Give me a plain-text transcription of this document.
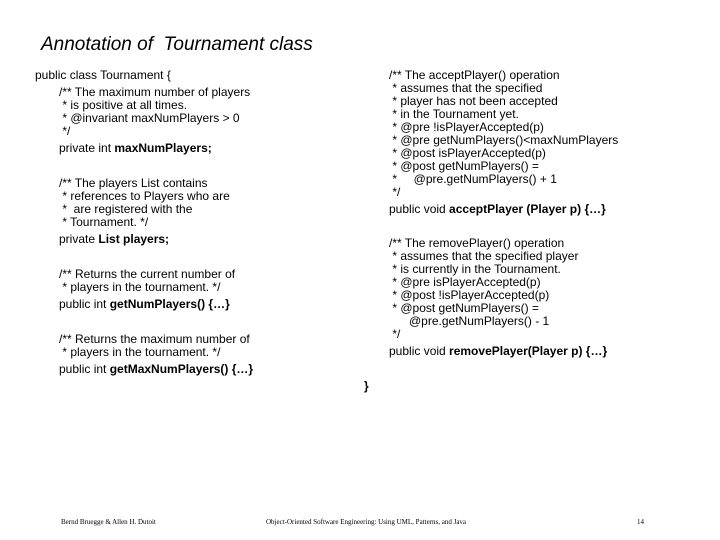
Annotation of  Tournament class
public class Tournament {
/** The maximum number of players
* is positive at all times.
* @invariant maxNumPlayers > 0
*/
private int maxNumPlayers;
/** The players List contains
* references to Players who are
*  are registered with the
* Tournament. */
private List players;
/** Returns the current number of
* players in the tournament. */
public int getNumPlayers() {…}
/** Returns the maximum number of
* players in the tournament. */
public int getMaxNumPlayers() {…}
/** The acceptPlayer() operation
* assumes that the specified
* player has not been accepted
* in the Tournament yet.
* @pre !isPlayerAccepted(p)
* @pre getNumPlayers()<maxNumPlayers
* @post isPlayerAccepted(p)
* @post getNumPlayers() =
*     @pre.getNumPlayers() + 1
*/
public void acceptPlayer (Player p) {…}
/** The removePlayer() operation
* assumes that the specified player
* is currently in the Tournament.
* @pre isPlayerAccepted(p)
* @post !isPlayerAccepted(p)
* @post getNumPlayers() =
@pre.getNumPlayers() - 1
*/
public void removePlayer(Player p) {…}
}
Bernd Bruegge & Allen H. Dutoit	Object-Oriented Software Engineering: Using UML, Patterns, and Java	14
